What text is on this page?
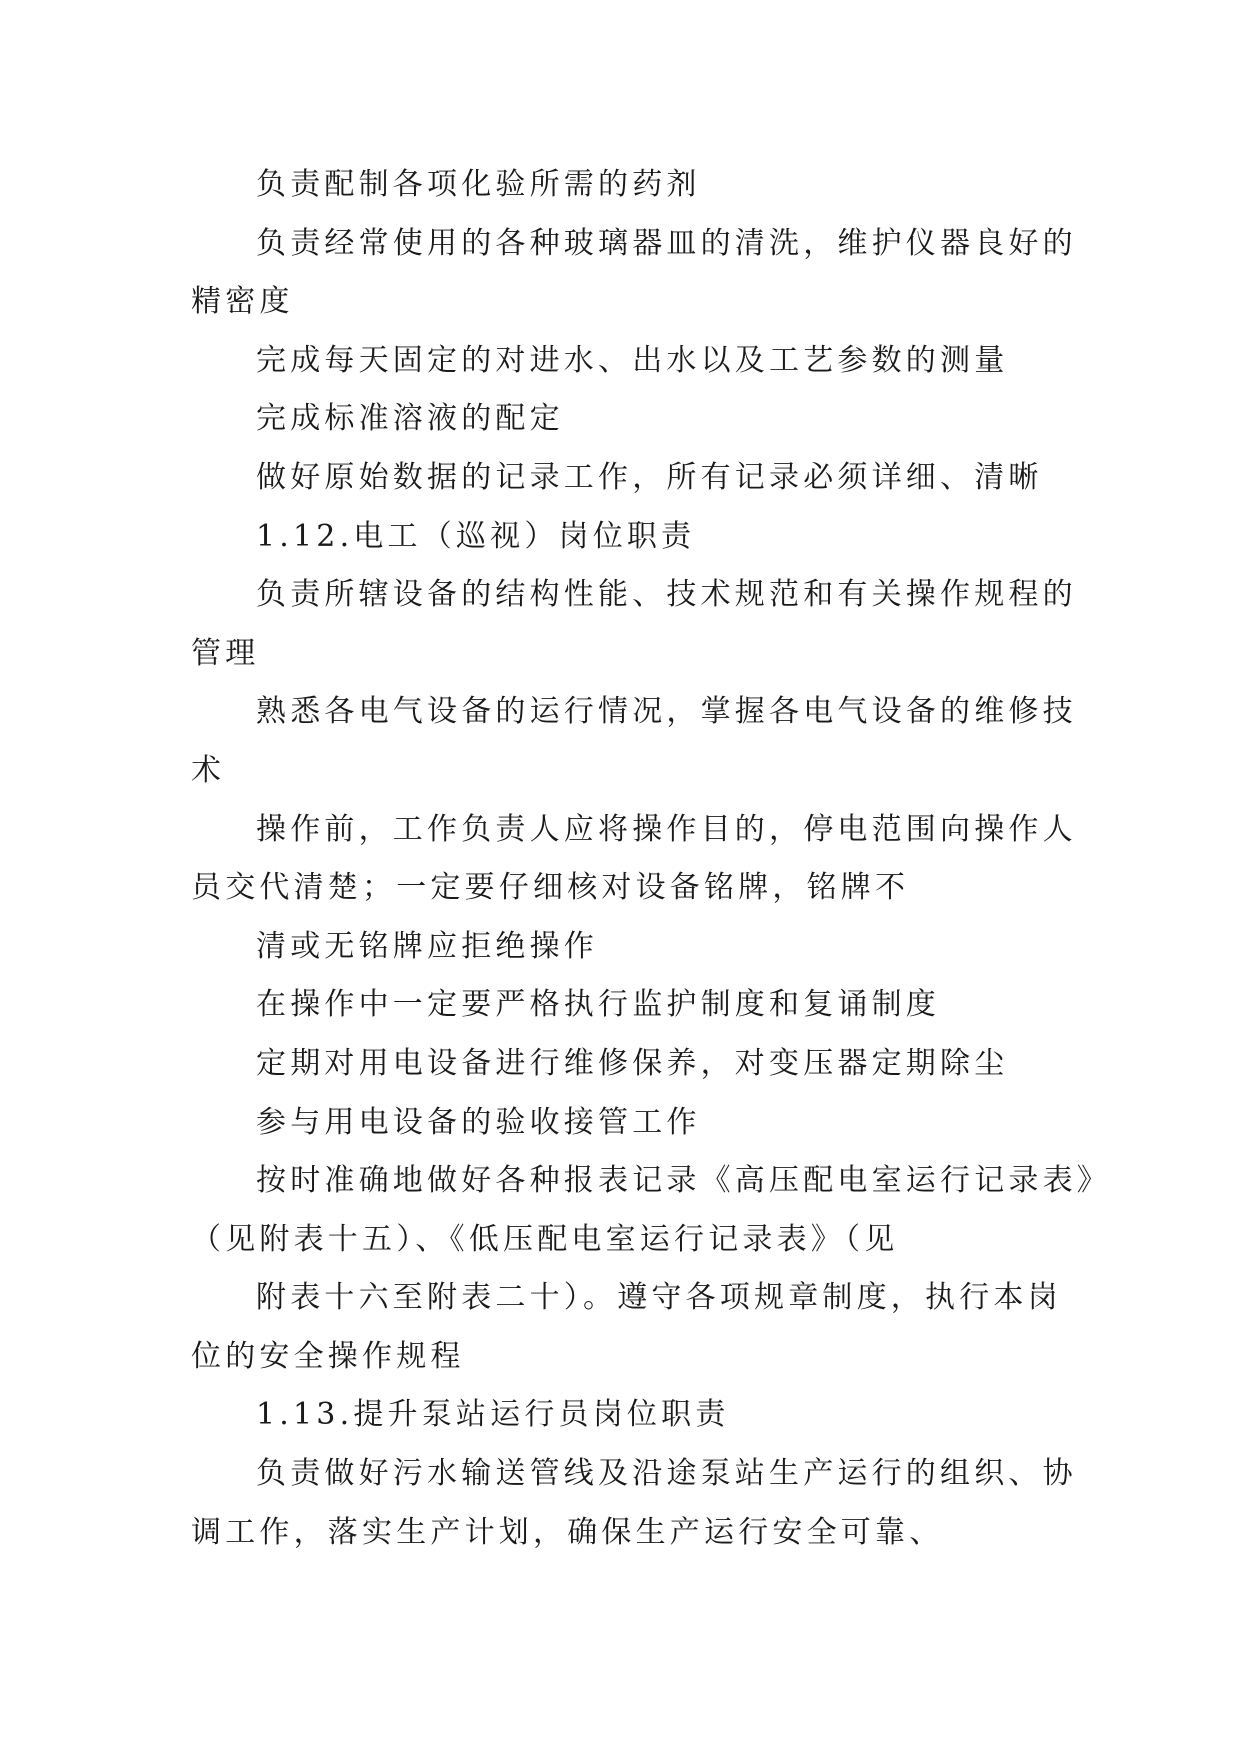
负责配制各项化验所需的药剂

负责经常使用的各种玻璃器皿的清洗，维护仪器良好的

精密度

完成每天固定的对进水、出水以及工艺参数的测量

完成标准溶液的配定

做好原始数据的记录工作，所有记录必须详细、清晰

1.12.电工（巡视）岗位职责

负责所辖设备的结构性能、技术规范和有关操作规程的

管理

熟悉各电气设备的运行情况，掌握各电气设备的维修技

术

操作前，工作负责人应将操作目的，停电范围向操作人

员交代清楚；一定要仔细核对设备铭牌，铭牌不

清或无铭牌应拒绝操作

在操作中一定要严格执行监护制度和复诵制度

定期对用电设备进行维修保养，对变压器定期除尘

参与用电设备的验收接管工作

按时准确地做好各种报表记录《高压配电室运行记录表》

（见附表十五）、《低压配电室运行记录表》（见

附表十六至附表二十）。遵守各项规章制度，执行本岗

位的安全操作规程

1.13.提升泵站运行员岗位职责

负责做好污水输送管线及沿途泵站生产运行的组织、协

调工作，落实生产计划，确保生产运行安全可靠、
